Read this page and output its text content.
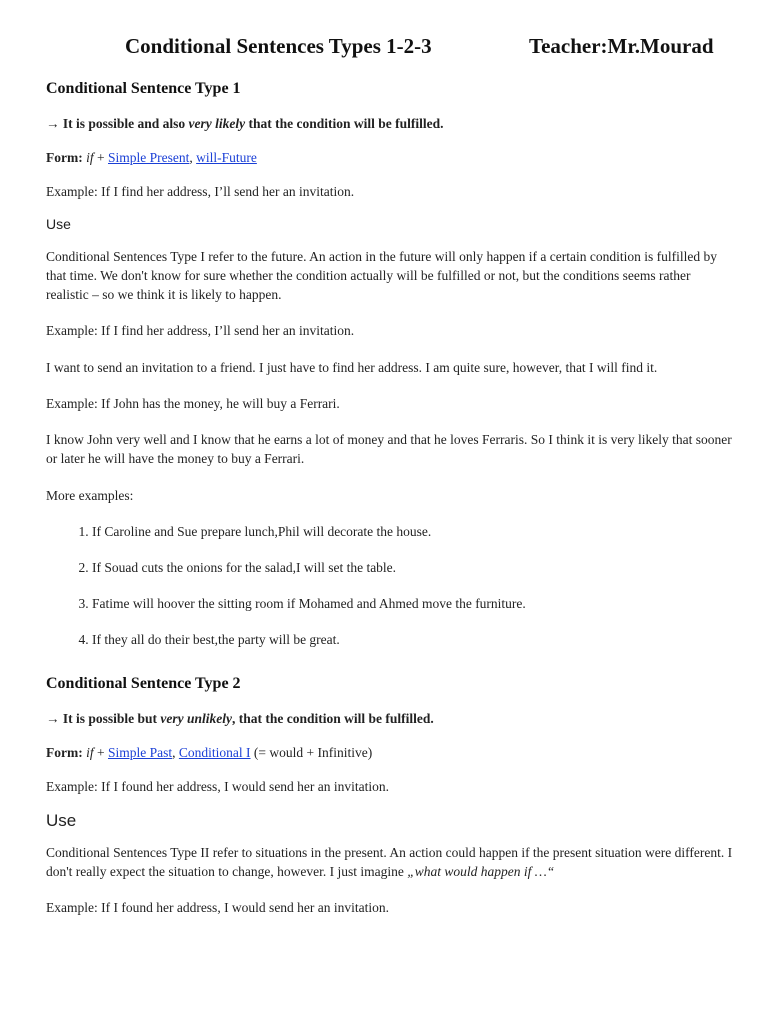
Conditional Sentences Types 1-2-3	Teacher:Mr.Mourad
Conditional Sentence Type 1

→ It is possible and also very likely that the condition will be fulfilled.

Form: if + Simple Present, will-Future

Example: If I find her address, I’ll send her an invitation.

Use

Conditional Sentences Type I refer to the future. An action in the future will only happen if a certain condition is fulfilled by that time. We don't know for sure whether the condition actually will be fulfilled or not, but the conditions seems rather realistic – so we think it is likely to happen.

Example: If I find her address, I’ll send her an invitation.

I want to send an invitation to a friend. I just have to find her address. I am quite sure, however, that I will find it.

Example: If John has the money, he will buy a Ferrari.

I know John very well and I know that he earns a lot of money and that he loves Ferraris. So I think it is very likely that sooner or later he will have the money to buy a Ferrari.

More examples:

1. If Caroline and Sue prepare lunch,Phil will decorate the house.
2. If Souad cuts the onions for the salad,I will set the table.
3. Fatime will hoover the sitting room if Mohamed and Ahmed move the furniture.
4. If they all do their best,the party will be great.
Conditional Sentence Type 2

→ It is possible but very unlikely, that the condition will be fulfilled.

Form: if + Simple Past, Conditional I (= would + Infinitive)

Example: If I found her address, I would send her an invitation.

Use

Conditional Sentences Type II refer to situations in the present. An action could happen if the present situation were different. I don't really expect the situation to change, however. I just imagine „what would happen if …“

Example: If I found her address, I would send her an invitation.
